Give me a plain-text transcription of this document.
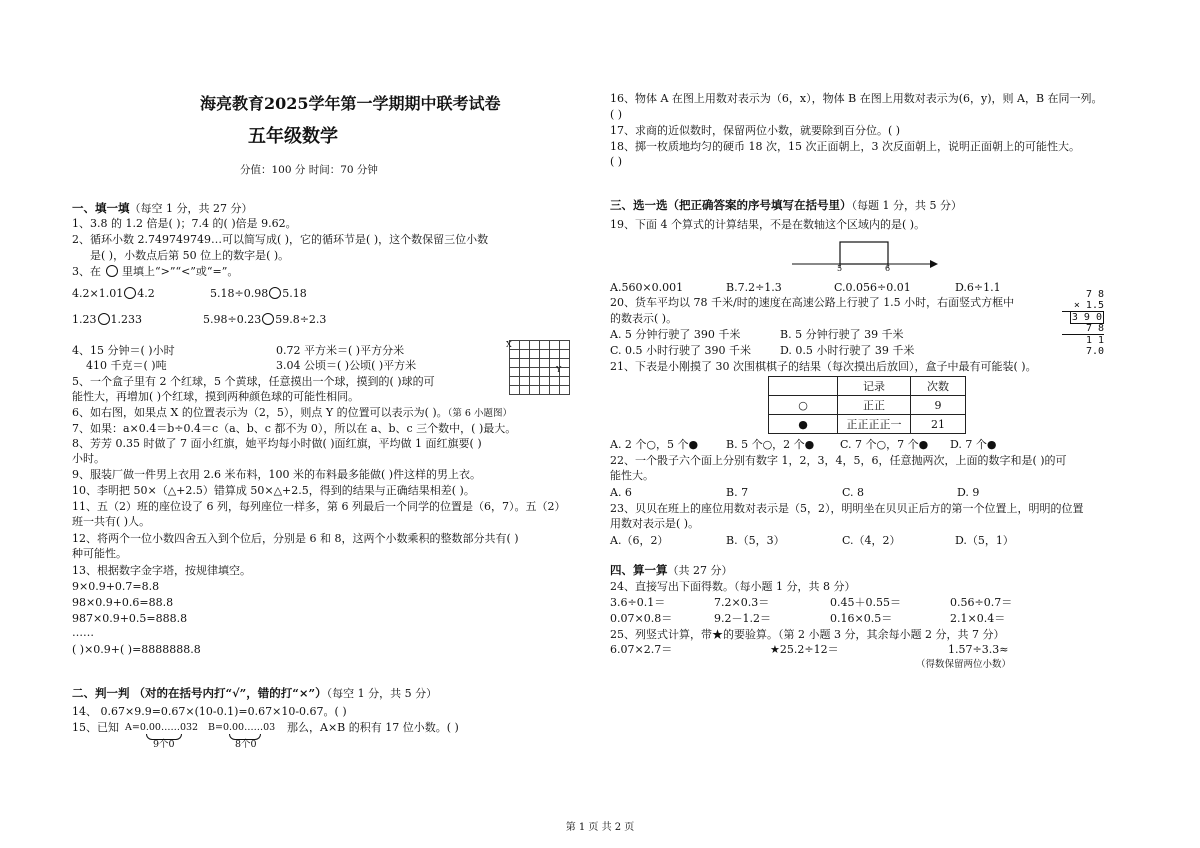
海亮教育2025学年第一学期期中联考试卷
五年级数学
分值：100 分 时间：70 分钟
一、填一填（每空 1 分，共 27 分）
1、3.8 的 1.2 倍是( )；7.4 的( )倍是 9.62。
2、循环小数 2.749749749…可以简写成( )，它的循环节是( )，这个数保留三位小数
是( )，小数点后第 50 位上的数字是( )。
3、在 里填上“>”“<”或“=”。
4.2×1.01 4.2	5.18÷0.98 5.18
1.23 1.233	5.98÷0.23 59.8÷2.3
4、15 分钟＝( )小时	0.72 平方米＝( )平方分米
410 千克＝( )吨	3.04 公顷＝( )公顷( )平方米
5、一个盒子里有 2 个红球，5 个黄球，任意摸出一个球，摸到的( )球的可
能性大，再增加( )个红球，摸到两种颜色球的可能性相同。

X
Y
6、如右图，如果点 X 的位置表示为（2，5），则点 Y 的位置可以表示为( )。（第 6 小题图）
7、如果：a×0.4＝b÷0.4＝c（a、b、c 都不为 0），所以在 a、b、c 三个数中，( )最大。
8、芳芳 0.35 时做了 7 面小红旗，她平均每小时做( )面红旗，平均做 1 面红旗要( )
小时。
9、服装厂做一件男上衣用 2.6 米布料，100 米的布料最多能做( )件这样的男上衣。
10、李明把 50×（△+2.5）错算成 50×△+2.5，得到的结果与正确结果相差( )。
11、五（2）班的座位设了 6 列，每列座位一样多，第 6 列最后一个同学的位置是（6，7）。五（2）
班一共有( )人。
12、将两个一位小数四舍五入到个位后，分别是 6 和 8，这两个小数乘积的整数部分共有( )
种可能性。
13、根据数字金字塔，按规律填空。
9×0.9+0.7=8.8
98×0.9+0.6=88.8
987×0.9+0.5=888.8
……
( )×0.9+( )=8888888.8
二、判一判 （对的在括号内打“√”，错的打“×”）（每空 1 分，共 5 分）
14、 0.67×9.9=0.67×(10-0.1)=0.67×10-0.67。( )
15、已知 A=0.00……032
9个0
B=0.00……03
8个0
那么，A×B 的积有 17 位小数。( )
16、物体 A 在图上用数对表示为（6，x），物体 B 在图上用数对表示为(6，y)，则 A，B 在同一列。
( )
17、求商的近似数时，保留两位小数，就要除到百分位。( )
18、掷一枚质地均匀的硬币 18 次，15 次正面朝上，3 次反面朝上，说明正面朝上的可能性大。
( )
三、选一选（把正确答案的序号填写在括号里）（每题 1 分，共 5 分）
19、下面 4 个算式的计算结果，不是在数轴这个区域内的是( )。
5	6
A.560×0.001	B.7.2÷1.3	C.0.056÷0.01	D.6÷1.1
20、货车平均以 78 千米/时的速度在高速公路上行驶了 1.5 小时，右面竖式方框中
的数表示( )。
7 8
× 1.5
3 9 0
7 8
1 1 7.0
A. 5 分钟行驶了 390 千米	B. 5 分钟行驶了 39 千米
C. 0.5 小时行驶了 390 千米	D. 0.5 小时行驶了 39 千米
21、下表是小刚摸了 30 次围棋棋子的结果（每次摸出后放回），盒子中最有可能装( )。
	记录	次数
○	正正	9
●	正正正正一	21
A. 2 个○，5 个●	B. 5 个○，2 个● C. 7 个○，7 个● D. 7 个●
22、一个骰子六个面上分别有数字 1，2，3，4，5，6，任意抛两次，上面的数字和是( )的可
能性大。
A. 6	B. 7	C. 8	D. 9
23、贝贝在班上的座位用数对表示是（5，2），明明坐在贝贝正后方的第一个位置上，明明的位置
用数对表示是( )。
A.（6，2）	B.（5，3）	C.（4，2）	D.（5，1）
四、算一算（共 27 分）
24、直接写出下面得数。（每小题 1 分，共 8 分）
3.6÷0.1＝	7.2×0.3＝	0.45＋0.55＝	0.56÷0.7＝
0.07×0.8＝	9.2－1.2＝	0.16×0.5＝	2.1×0.4＝
25、列竖式计算，带★的要验算。（第 2 小题 3 分，其余每小题 2 分，共 7 分）
6.07×2.7＝	★25.2÷12＝	1.57÷3.3≈
（得数保留两位小数）
第 1 页 共 2 页
